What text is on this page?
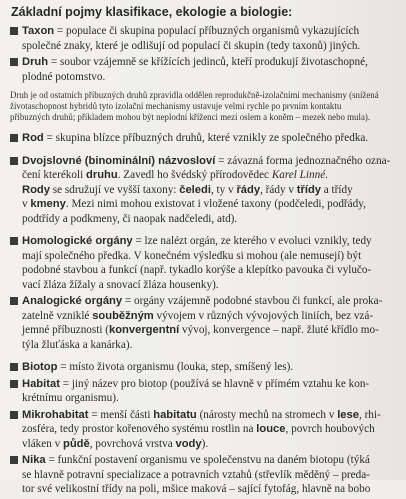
Základní pojmy klasifikace, ekologie a biologie:
Taxon = populace či skupina populací příbuzných organismů vykazujících
společné znaky, které je odlišují od populací či skupin (tedy taxonů) jiných.
Druh = soubor vzájemně se křížících jedinců, kteří produkují životaschopné,
plodné potomstvo.
Druh je od ostatních příbuzných druhů zpravidla oddělen reprodukčně-izolačními mechanismy (snížená
životaschopnost hybridů tyto izolační mechanismy ustavuje velmi rychle po prvním kontaktu
příbuzných druhů; příkladem mohou být neplodní kříženci mezi oslem a koněm – mezek nebo mula).
Rod = skupina blízce příbuzných druhů, které vznikly ze společného předka.
Dvojslovné (binominální) názvosloví = závazná forma jednoznačného ozna-
čení kterékoli druhu. Zavedl ho švédský přírodovědec Karel Linné.
Rody se sdružují ve vyšší taxony: čeledi, ty v řády, řády v třídy a třídy
v kmeny. Mezi nimi mohou existovat i vložené taxony (podčeledi, podřády,
podtřídy a podkmeny, či naopak nadčeledi, atd).
Homologické orgány = lze nalézt orgán, ze kterého v evoluci vznikly, tedy
mají společného předka. V konečném výsledku si mohou (ale nemusejí) být
podobné stavbou a funkcí (např. tykadlo korýše a klepítko pavouka či vylučo-
vací žláza žížaly a snovací žláza housenky).
Analogické orgány = orgány vzájemně podobné stavbou či funkcí, ale proka-
zatelně vzniklé souběžným vývojem v různých vývojových liniích, bez vzá-
jemné příbuznosti (konvergentní vývoj, konvergence – např. žluté křídlo mo-
týla žluťáska a kanárka).
Biotop = místo života organismu (louka, step, smíšený les).
Habitat = jiný název pro biotop (používá se hlavně v přímém vztahu ke kon-
krétnímu organismu).
Mikrohabitat = menší části habitatu (nárosty mechů na stromech v lese, rhi-
zosféra, tedy prostor kořenového systému rostlin na louce, povrch houbových
vláken v půdě, povrchová vrstva vody).
Nika = funkční postavení organismu ve společenstvu na daném biotopu (týká
se hlavně potravní specializace a potravních vztahů (střevlík měděný – preda-
tor své velikostní třídy na poli, mšice maková – sající fytofág, hlavně na bobo
